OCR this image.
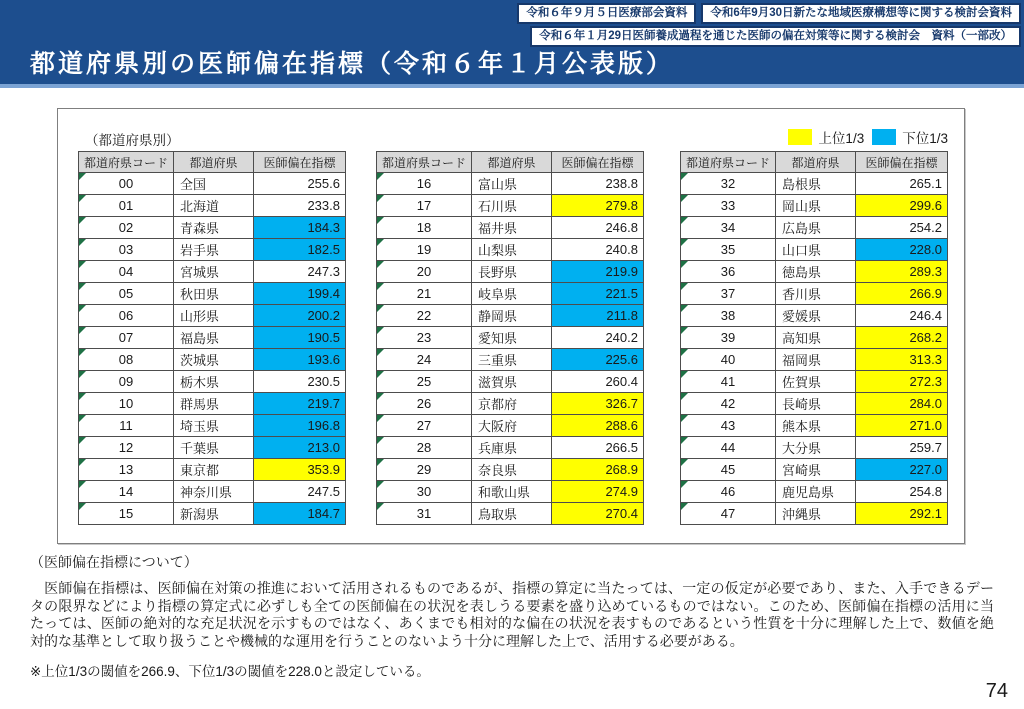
都道府県別の医師偏在指標（令和６年１月公表版）
令和６年９月５日医療部会資料	令和6年9月30日新たな地域医療構想等に関する検討会資料
令和６年１月29日医師養成過程を通じた医師の偏在対策等に関する検討会　資料（一部改）
（都道府県別）	上位1/3	下位1/3
都道府県コード	都道府県	医師偏在指標

00	全国	255.6

01	北海道	233.8

02	青森県	184.3

03	岩手県	182.5

04	宮城県	247.3

05	秋田県	199.4

06	山形県	200.2

07	福島県	190.5

08	茨城県	193.6

09	栃木県	230.5

10	群馬県	219.7

11	埼玉県	196.8

12	千葉県	213.0

13	東京都	353.9

14	神奈川県	247.5

15	新潟県	184.7
都道府県コード	都道府県	医師偏在指標

16	富山県	238.8

17	石川県	279.8

18	福井県	246.8

19	山梨県	240.8

20	長野県	219.9

21	岐阜県	221.5

22	静岡県	211.8

23	愛知県	240.2

24	三重県	225.6

25	滋賀県	260.4

26	京都府	326.7

27	大阪府	288.6

28	兵庫県	266.5

29	奈良県	268.9

30	和歌山県	274.9

31	鳥取県	270.4
都道府県コード	都道府県	医師偏在指標

32	島根県	265.1

33	岡山県	299.6

34	広島県	254.2

35	山口県	228.0

36	徳島県	289.3

37	香川県	266.9

38	愛媛県	246.4

39	高知県	268.2

40	福岡県	313.3

41	佐賀県	272.3

42	長崎県	284.0

43	熊本県	271.0

44	大分県	259.7

45	宮崎県	227.0

46	鹿児島県	254.8

47	沖縄県	292.1

（医師偏在指標について）

　医師偏在指標は、医師偏在対策の推進において活用されるものであるが、指標の算定に当たっては、一定の仮定が必要であり、また、入手できるデータの限界などにより指標の算定式に必ずしも全ての医師偏在の状況を表しうる要素を盛り込めているものではない。このため、医師偏在指標の活用に当たっては、医師の絶対的な充足状況を示すものではなく、あくまでも相対的な偏在の状況を表すものであるという性質を十分に理解した上で、数値を絶対的な基準として取り扱うことや機械的な運用を行うことのないよう十分に理解した上で、活用する必要がある。

※上位1/3の閾値を266.9、下位1/3の閾値を228.0と設定している。

74
